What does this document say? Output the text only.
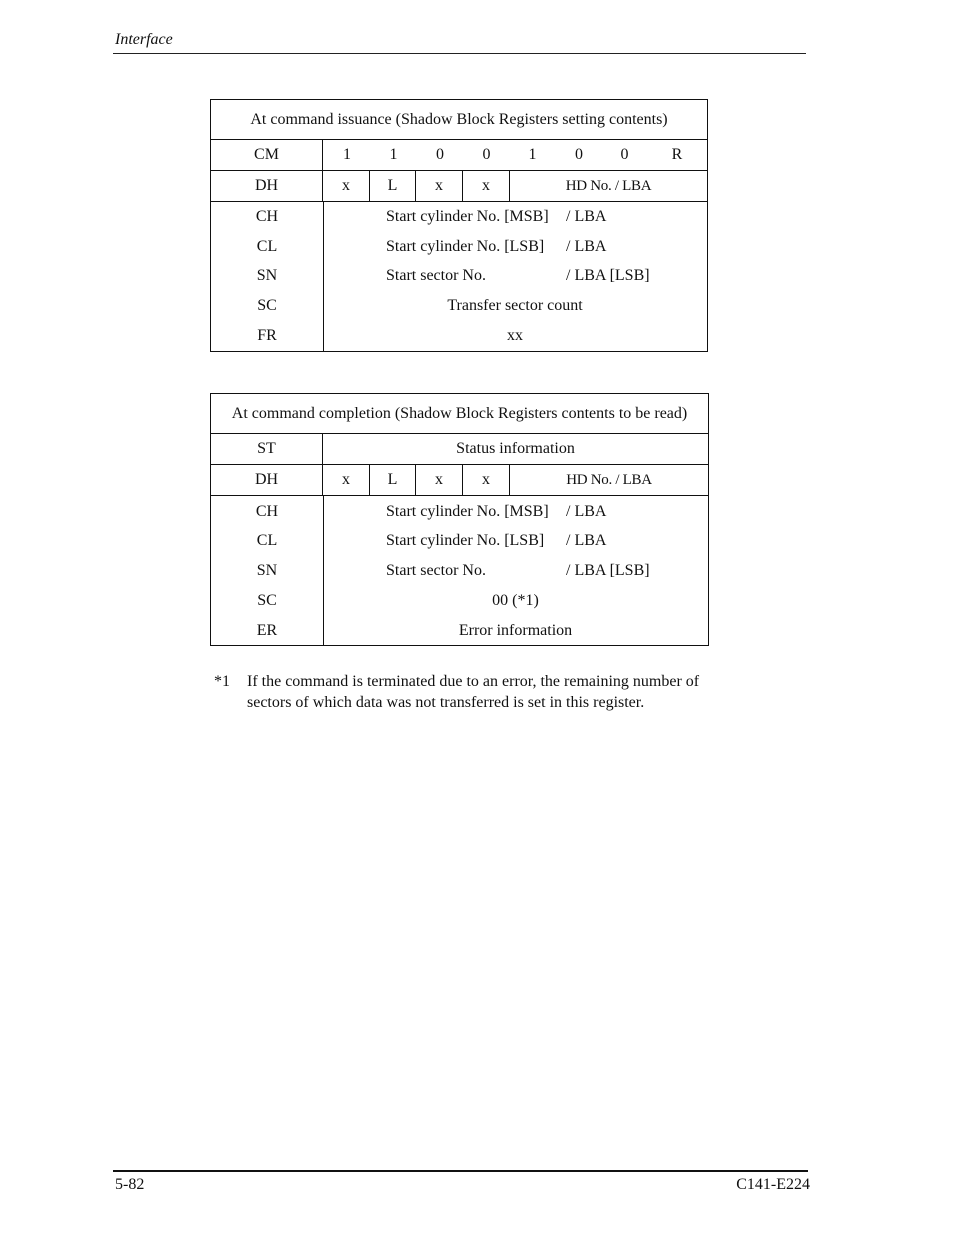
Interface
At command issuance (Shadow Block Registers setting contents)
CM	1	1	0	0	1	0	0	R
DH	x	L	x	x	HD No. / LBA
CH	Start cylinder No. [MSB] / LBA
CL	Start cylinder No. [LSB] / LBA
SN	Start sector No.	/ LBA [LSB]
SC	Transfer sector count
FR	xx
At command completion (Shadow Block Registers contents to be read)
ST	Status information
DH	x	L	x	x	HD No. / LBA
CH	Start cylinder No. [MSB] / LBA
CL	Start cylinder No. [LSB] / LBA
SN	Start sector No.	/ LBA [LSB]
SC	00 (*1)
ER	Error information
*1 If the command is terminated due to an error, the remaining number of sectors of which data was not transferred is set in this register.
5-82	C141-E224
